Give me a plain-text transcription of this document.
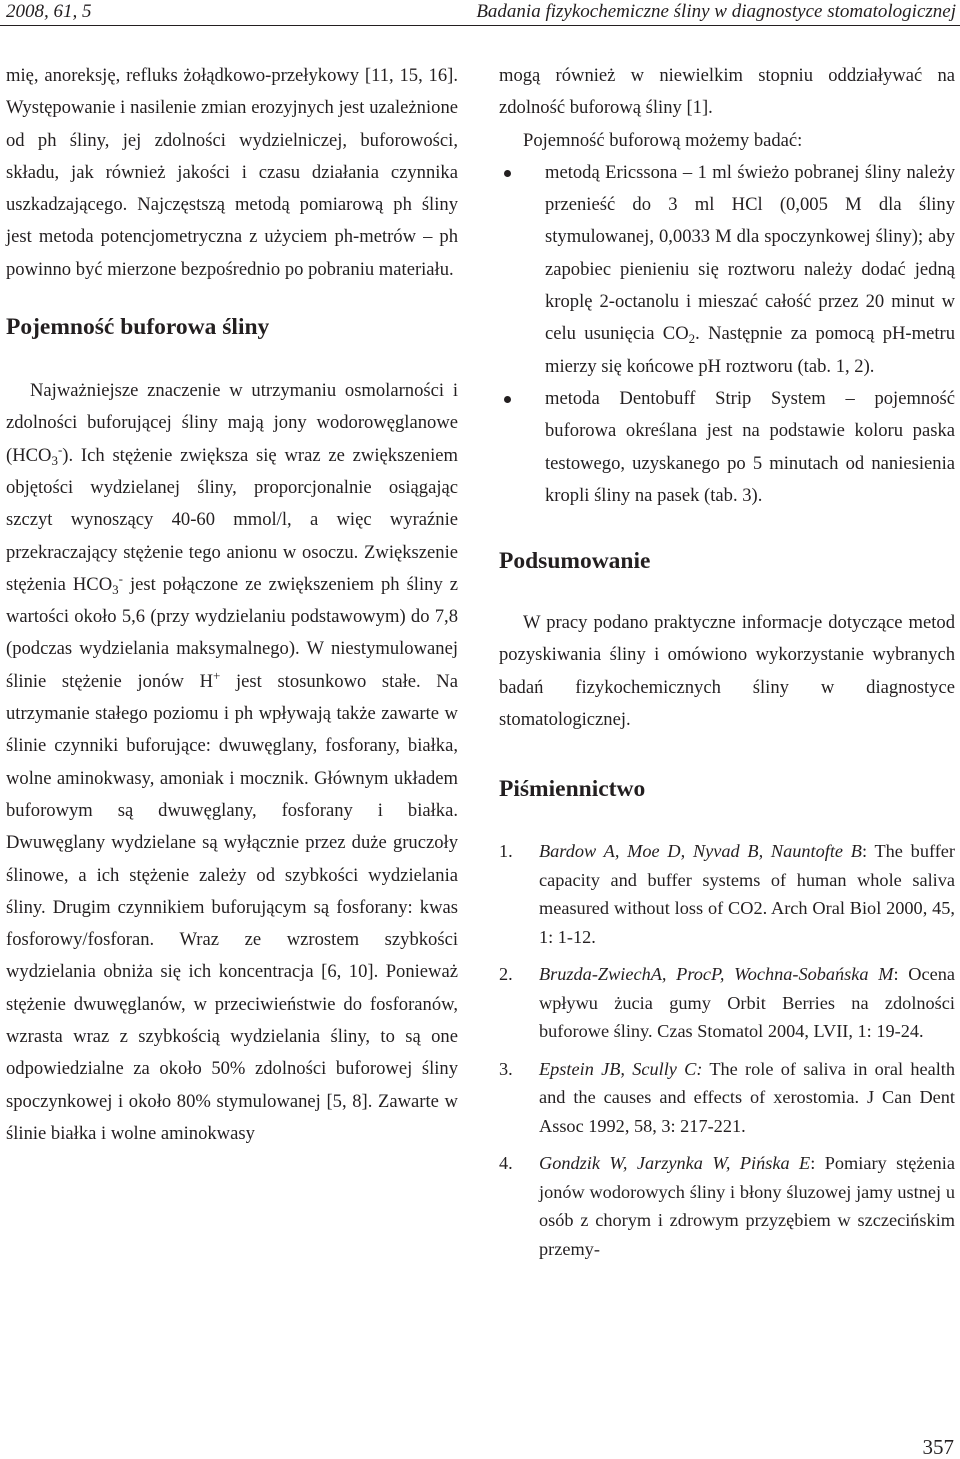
2008, 61, 5	Badania fizykochemiczne śliny w diagnostyce stomatologicznej

mię, anoreksję, refluks żołądkowo-przełykowy [11, 15, 16]. Występowanie i nasilenie zmian erozyjnych jest uzależnione od ph śliny, jej zdolności wydzielniczej, buforowości, składu, jak również jakości i czasu działania czynnika uszkadzającego. Najczęstszą metodą pomiarową ph śliny jest metoda potencjometryczna z użyciem ph-metrów – ph powinno być mierzone bezpośrednio po pobraniu materiału.

Pojemność buforowa śliny

Najważniejsze znaczenie w utrzymaniu osmolarności i zdolności buforującej śliny mają jony wodorowęglanowe $(HCO_3^-)$. Ich stężenie zwiększa się wraz ze zwiększeniem objętości wydzielanej śliny, proporcjonalnie osiągając szczyt wynoszący 40-60 mmol/l, a więc wyraźnie przekraczający stężenie tego anionu w osoczu. Zwiększenie stężenia $HCO_3^-$ jest połączone ze zwiększeniem ph śliny z wartości około 5,6 (przy wydzielaniu podstawowym) do 7,8 (podczas wydzielania maksymalnego). W niestymulowanej ślinie stężenie jonów H+ jest stosunkowo stałe. Na utrzymanie stałego poziomu i ph wpływają także zawarte w ślinie czynniki buforujące: dwuwęglany, fosforany, białka, wolne aminokwasy, amoniak i mocznik. Głównym układem buforowym są dwuwęglany, fosforany i białka. Dwuwęglany wydzielane są wyłącznie przez duże gruczoły ślinowe, a ich stężenie zależy od szybkości wydzielania śliny. Drugim czynnikiem buforującym są fosforany: kwas fosforowy/fosforan. Wraz ze wzrostem szybkości wydzielania obniża się ich koncentracja [6, 10]. Ponieważ stężenie dwuwęglanów, w przeciwieństwie do fosforanów, wzrasta wraz z szybkością wydzielania śliny, to są one odpowiedzialne za około 50% zdolności buforowej śliny spoczynkowej i około 80% stymulowanej [5, 8]. Zawarte w ślinie białka i wolne aminokwasy

mogą również w niewielkim stopniu oddziaływać na zdolność buforową śliny [1].

Pojemność buforową możemy badać:

metodą Ericssona – 1 ml świeżo pobranej śliny należy przenieść do 3 ml HCl (0,005 M dla śliny stymulowanej, 0,0033 M dla spoczynkowej śliny); aby zapobiec pienieniu się roztworu należy dodać jedną kroplę 2-octanolu i mieszać całość przez 20 minut w celu usunięcia $CO_2$. Następnie za pomocą pH-metru mierzy się końcowe pH roztworu (tab. 1, 2).
metoda Dentobuff Strip System – pojemność buforowa określana jest na podstawie koloru paska testowego, uzyskanego po 5 minutach od naniesienia kropli śliny na pasek (tab. 3).
Podsumowanie

W pracy podano praktyczne informacje dotyczące metod pozyskiwania śliny i omówiono wykorzystanie wybranych badań fizykochemicznych śliny w diagnostyce stomatologicznej.

Piśmiennictwo
1. Bardow A, Moe D, Nyvad B, Nauntofte B: The buffer capacity and buffer systems of human whole saliva measured without loss of CO2. Arch Oral Biol 2000, 45, 1: 1-12.
2. Bruzda-ZwiechA, ProcP, Wochna-Sobańska M: Ocena wpływu żucia gumy Orbit Berries na zdolności buforowe śliny. Czas Stomatol 2004, LVII, 1: 19-24.
3. Epstein JB, Scully C: The role of saliva in oral health and the causes and effects of xerostomia. J Can Dent Assoc 1992, 58, 3: 217-221.
4. Gondzik W, Jarzynka W, Pińska E: Pomiary stężenia jonów wodorowych śliny i błony śluzowej jamy ustnej u osób z chorym i zdrowym przyzębiem w szczecińskim przemy-
357
